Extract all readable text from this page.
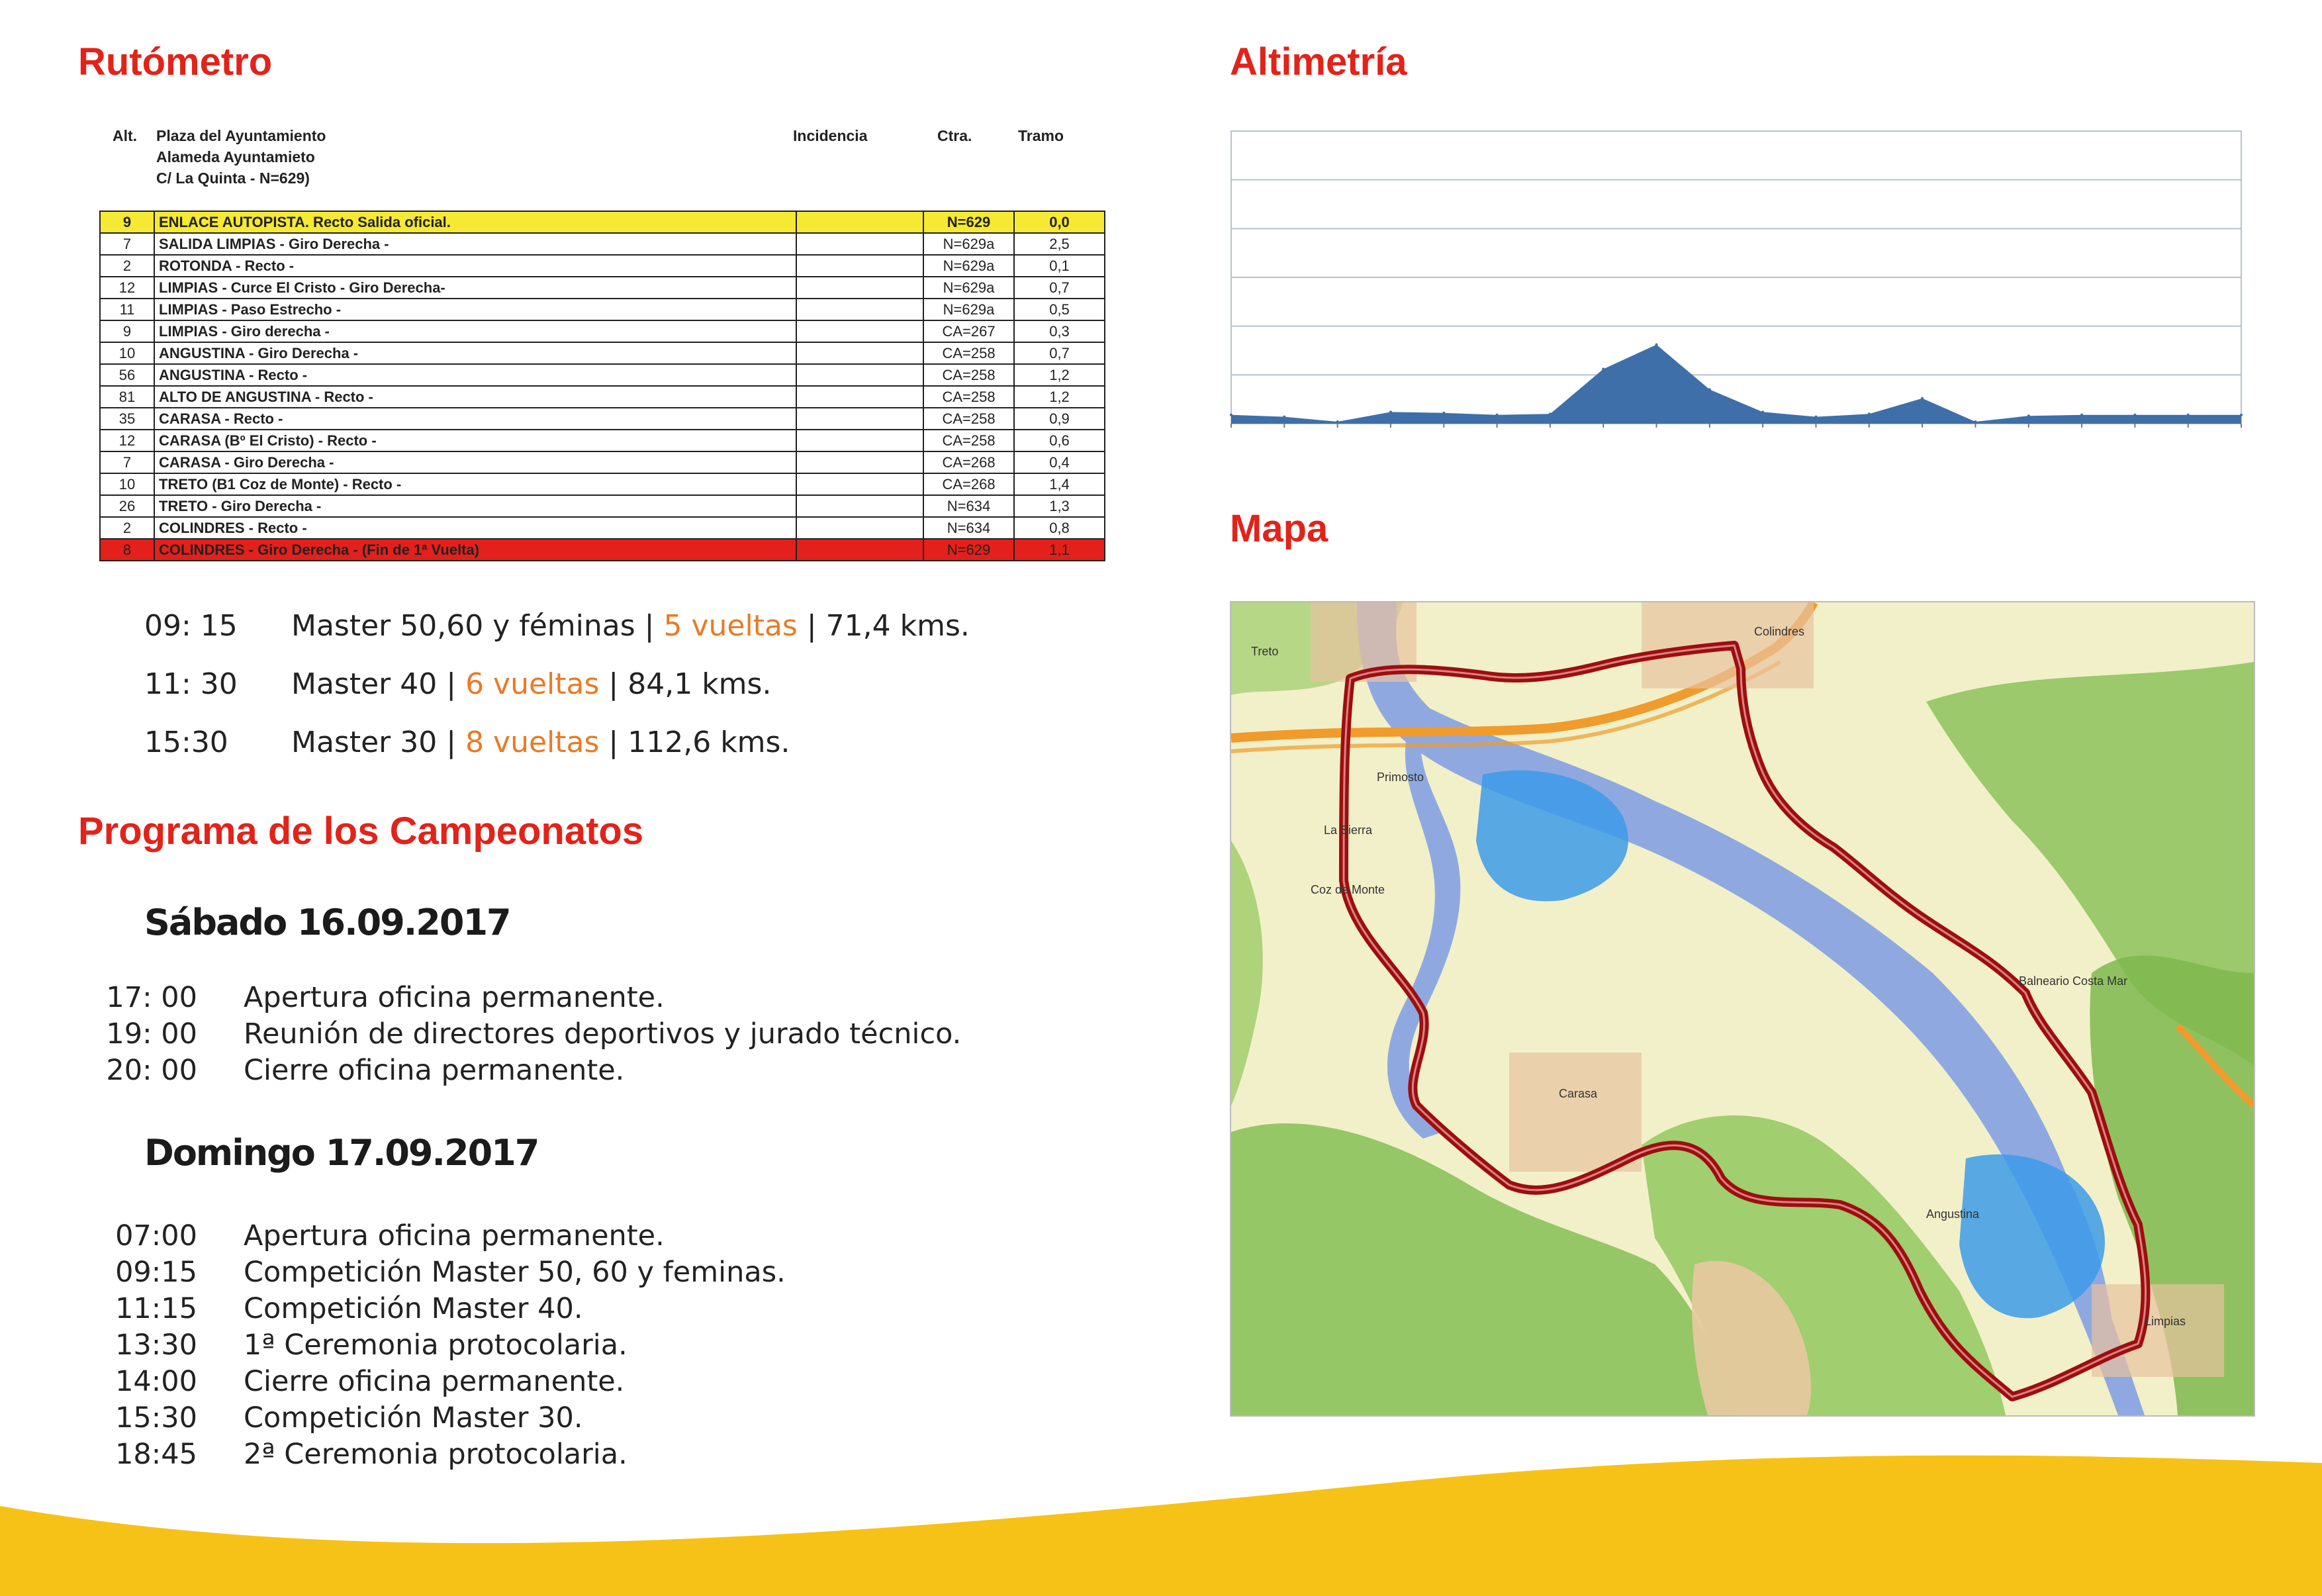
Rutómetro	Altimetría
Mapa
Programa de los Campeonatos
Alt. Plaza del Ayuntamiento
Alameda Ayuntamieto
C/ La Quinta - N=629)
Incidencia	Ctra.	Tramo
9	ENLACE AUTOPISTA. Recto Salida oficial.		N=629	0,0
7	SALIDA LIMPIAS - Giro Derecha -		N=629a	2,5
2	ROTONDA - Recto -		N=629a	0,1
12	LIMPIAS - Curce El Cristo - Giro Derecha-		N=629a	0,7
11	LIMPIAS - Paso Estrecho -		N=629a	0,5
9	LIMPIAS - Giro derecha -		CA=267	0,3
10	ANGUSTINA - Giro Derecha -		CA=258	0,7
56	ANGUSTINA - Recto -		CA=258	1,2
81	ALTO DE ANGUSTINA - Recto -		CA=258	1,2
35	CARASA - Recto -		CA=258	0,9
12	CARASA (Bº El Cristo) - Recto -		CA=258	0,6
7	CARASA - Giro Derecha -		CA=268	0,4
10	TRETO (B1 Coz de Monte) - Recto -		CA=268	1,4
26	TRETO - Giro Derecha -		N=634	1,3
2	COLINDRES - Recto -		N=634	0,8
8	COLINDRES - Giro Derecha - (Fin de 1ª Vuelta)		N=629	1,1
09: 15 Master 50,60 y féminas | 5 vueltas | 71,4 kms.
11: 30 Master 40 | 6 vueltas | 84,1 kms.
15:30 Master 30 | 8 vueltas | 112,6 kms.
Sábado 16.09.2017
17: 00 Apertura oficina permanente.
19: 00 Reunión de directores deportivos y jurado técnico.
20: 00 Cierre oficina permanente.
Domingo 17.09.2017
07:00 Apertura oficina permanente.
09:15 Competición Master 50, 60 y feminas.
11:15 Competición Master 40.
13:30 1ª Ceremonia protocolaria.
14:00 Cierre oficina permanente.
15:30 Competición Master 30.
18:45 2ª Ceremonia protocolaria.
Colindres
Treto
Primosto
La Sierra
Coz de Monte
Carasa
Angustina
Limpias
Balneario Costa Mar
